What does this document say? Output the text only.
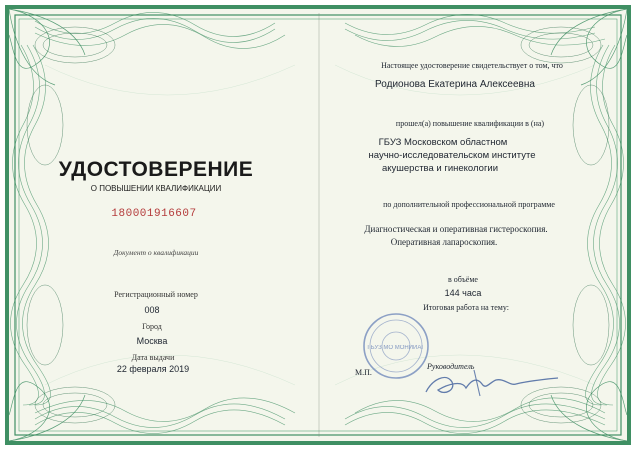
УДОСТОВЕРЕНИЕ
О ПОВЫШЕНИИ КВАЛИФИКАЦИИ
180001916607
Документ о квалификации
Регистрационный номер
008
Город
Москва
Дата выдачи
22 февраля 2019
Настоящее удостоверение свидетельствует о том, что
Родионова Екатерина Алексеевна
прошел(а) повышение квалификации в (на)
ГБУЗ Московском областном
научно-исследовательском институте
акушерства и гинекологии
по дополнительной профессиональной программе
Диагностическая и оперативная гистероскопия.
Оперативная лапароскопия.
в объёме
144 часа
Итоговая работа на тему:
М.П.
Руководитель
ГБУЗ МО МОНИИАГ
